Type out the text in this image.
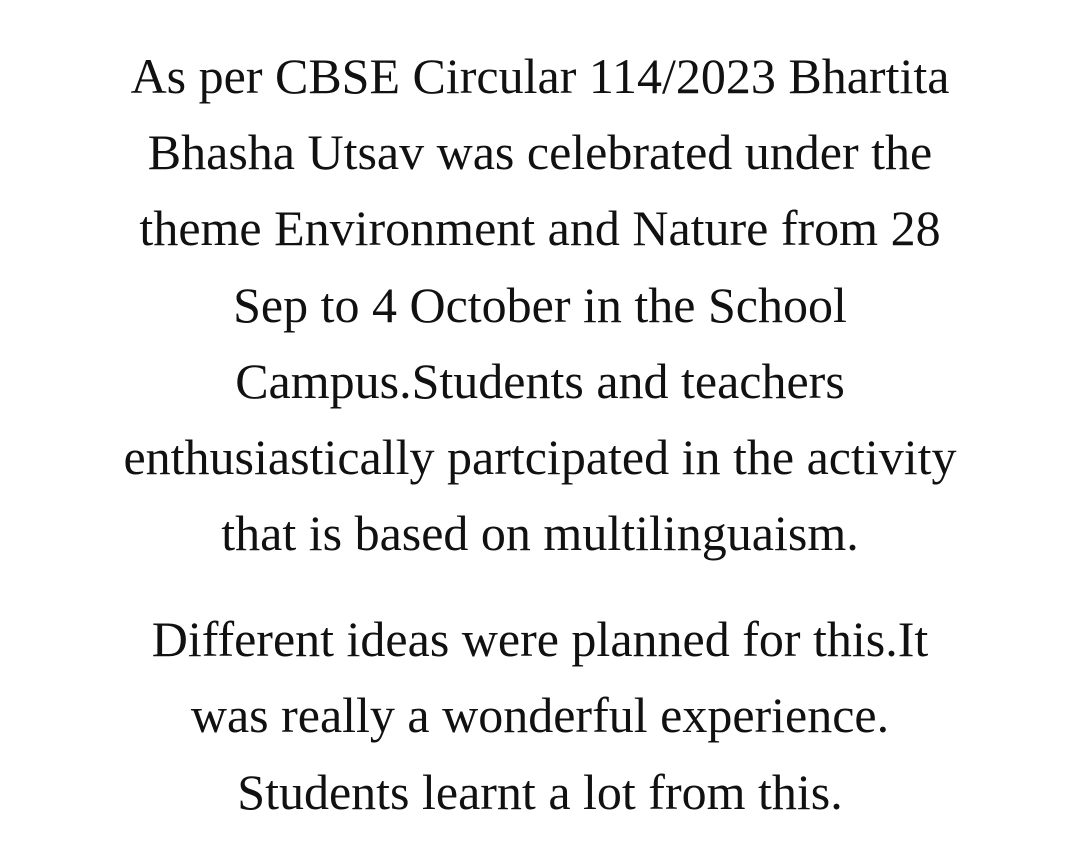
As per CBSE Circular 114/2023 Bhartita
Bhasha Utsav was celebrated under the
theme Environment and Nature from 28
Sep to 4 October in the School
Campus.Students and teachers
enthusiastically partcipated in the activity
that is based on multilinguaism.
Different ideas were planned for this.It
was really a wonderful experience.
Students learnt a lot from this.
